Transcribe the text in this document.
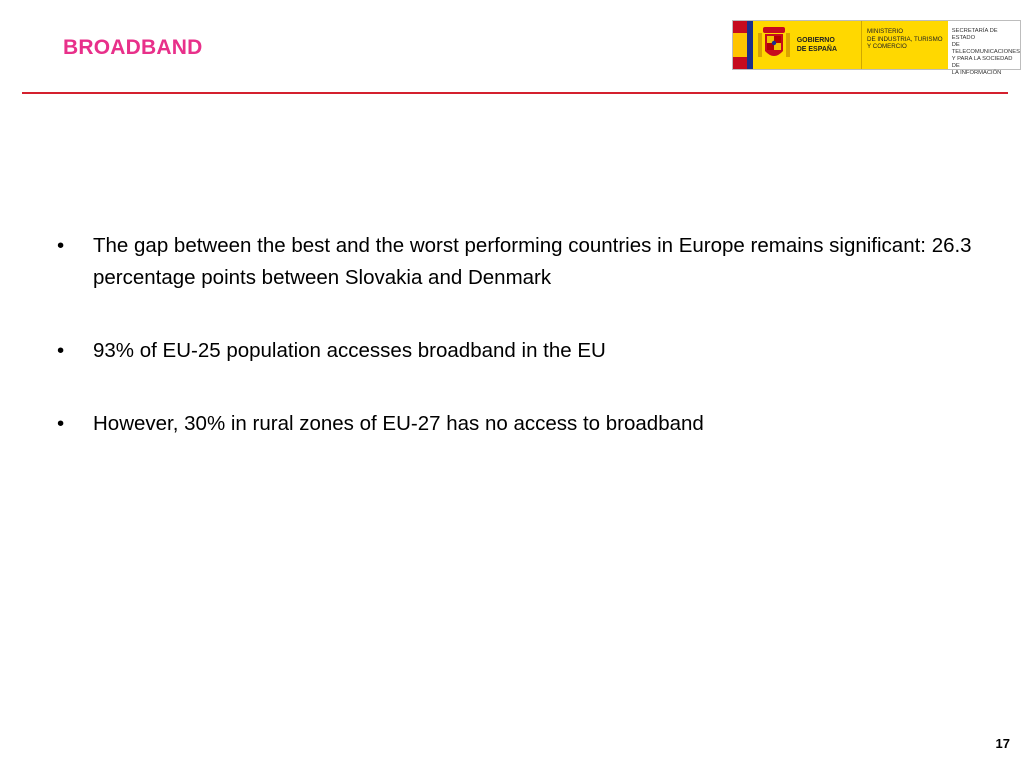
BROADBAND	GOBIERNO
DE ESPAÑA
MINISTERIO
DE INDUSTRIA, TURISMO
Y COMERCIO
SECRETARÍA DE ESTADO
DE TELECOMUNICACIONES
Y PARA LA SOCIEDAD DE
LA INFORMACIÓN
• The gap between the best and the worst performing countries in Europe remains significant: 26.3 percentage points between Slovakia and Denmark
• 93% of EU-25 population accesses broadband in the EU
• However, 30% in rural zones of EU-27 has no access to broadband
17
